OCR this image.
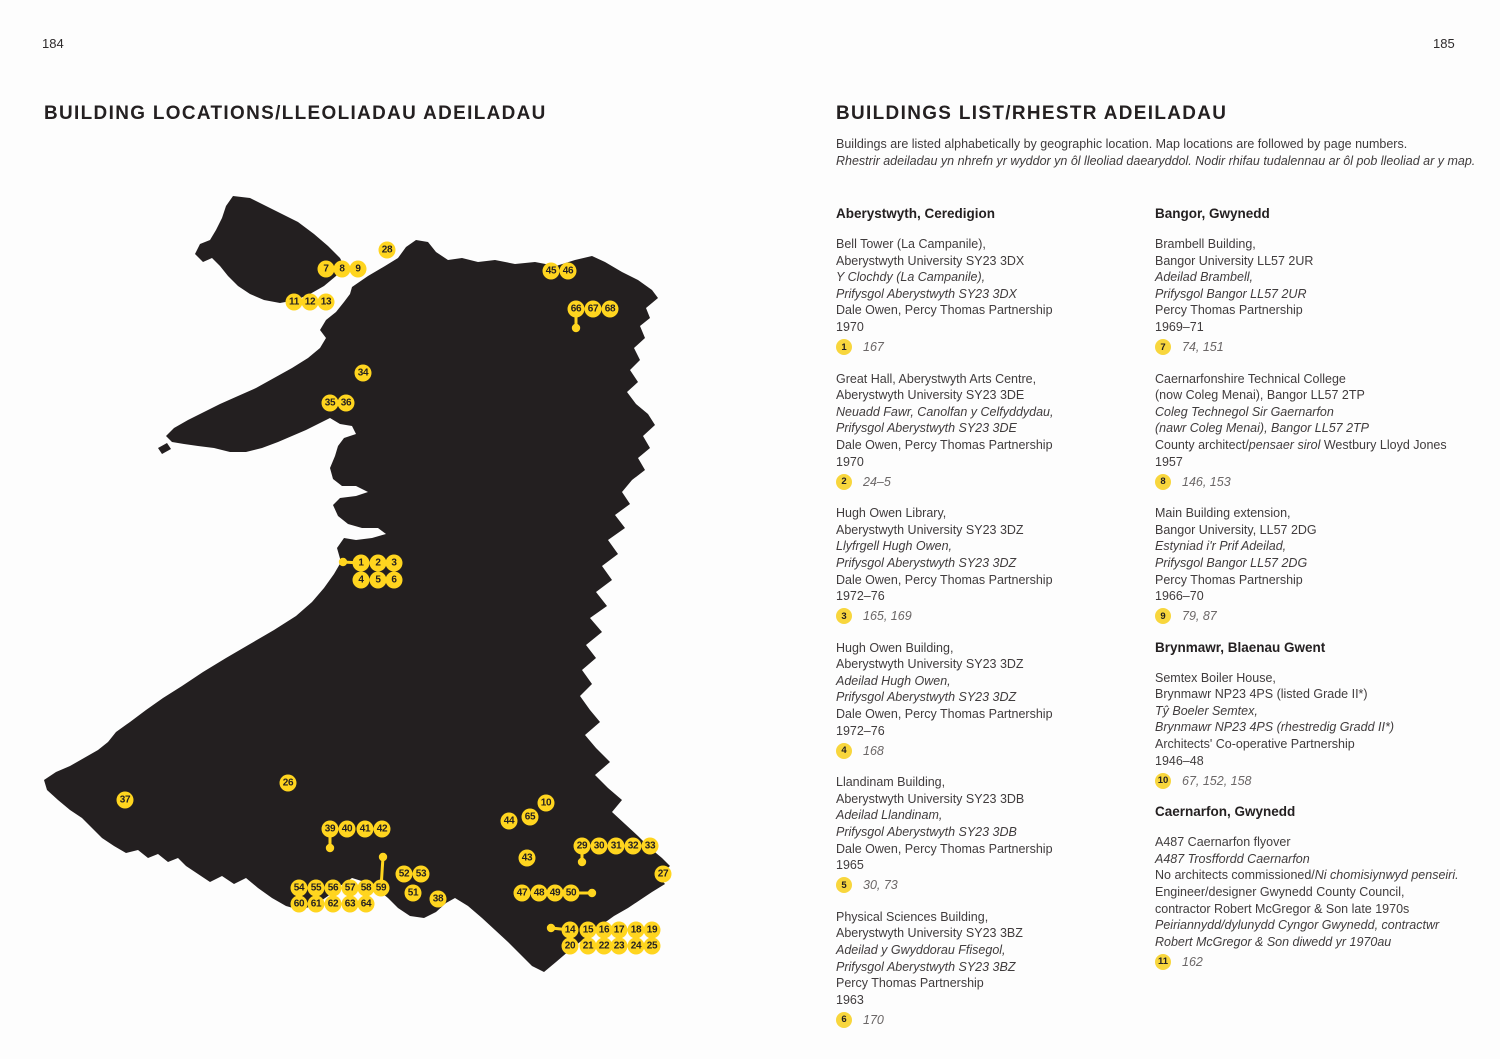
184	185
BUILDING LOCATIONS/LLEOLIADAU ADEILADAU	BUILDINGS LIST/RHESTR ADEILADAU
Buildings are listed alphabetically by geographic location. Map locations are followed by page numbers.
Rhestrir adeiladau yn nhrefn yr wyddor yn ôl lleoliad daearyddol. Nodir rhifau tudalennau ar ôl pob lleoliad ar y map.
7	8	9
28
45 46
66 67 68
11 12 13
34
35 36
1	2	3
4	5	6
26
37
39 40 41 42
10
65
44
43
29 30 31 32 33
27
52 53
59
54 55 56 57 58	51
38
47 48 49 50
60 61 62 63 64
14 15 16 17 18 19
20 21 22 23 24 25
Aberystwyth, Ceredigion

Bell Tower (La Campanile),

Aberystwyth University SY23 3DX

Y Clochdy (La Campanile),

Prifysgol Aberystwyth SY23 3DX

Dale Owen, Percy Thomas Partnership

1970

1	167

Great Hall, Aberystwyth Arts Centre,

Aberystwyth University SY23 3DE

Neuadd Fawr, Canolfan y Celfyddydau,

Prifysgol Aberystwyth SY23 3DE

Dale Owen, Percy Thomas Partnership

1970

2	24–5

Hugh Owen Library,

Aberystwyth University SY23 3DZ

Llyfrgell Hugh Owen,

Prifysgol Aberystwyth SY23 3DZ

Dale Owen, Percy Thomas Partnership

1972–76

3	165, 169

Hugh Owen Building,

Aberystwyth University SY23 3DZ

Adeilad Hugh Owen,

Prifysgol Aberystwyth SY23 3DZ

Dale Owen, Percy Thomas Partnership

1972–76

4	168

Llandinam Building,

Aberystwyth University SY23 3DB

Adeilad Llandinam,

Prifysgol Aberystwyth SY23 3DB

Dale Owen, Percy Thomas Partnership

1965

5	30, 73

Physical Sciences Building,

Aberystwyth University SY23 3BZ

Adeilad y Gwyddorau Ffisegol,

Prifysgol Aberystwyth SY23 3BZ

Percy Thomas Partnership

1963

6	170
Bangor, Gwynedd

Brambell Building,

Bangor University LL57 2UR

Adeilad Brambell,

Prifysgol Bangor LL57 2UR

Percy Thomas Partnership

1969–71

7	74, 151

Caernarfonshire Technical College

(now Coleg Menai), Bangor LL57 2TP

Coleg Technegol Sir Gaernarfon

(nawr Coleg Menai), Bangor LL57 2TP

County architect/pensaer sirol Westbury Lloyd Jones

1957

8	146, 153

Main Building extension,

Bangor University, LL57 2DG

Estyniad i'r Prif Adeilad,

Prifysgol Bangor LL57 2DG

Percy Thomas Partnership

1966–70

9	79, 87
Brynmawr, Blaenau Gwent

Semtex Boiler House,

Brynmawr NP23 4PS (listed Grade II*)

Tŷ Boeler Semtex,

Brynmawr NP23 4PS (rhestredig Gradd II*)

Architects' Co-operative Partnership

1946–48

10 67, 152, 158
Caernarfon, Gwynedd

A487 Caernarfon flyover

A487 Trosffordd Caernarfon

No architects commissioned/Ni chomisiynwyd penseiri.

Engineer/designer Gwynedd County Council,

contractor Robert McGregor & Son late 1970s

Peiriannydd/dylunydd Cyngor Gwynedd, contractwr

Robert McGregor & Son diwedd yr 1970au

11 162
